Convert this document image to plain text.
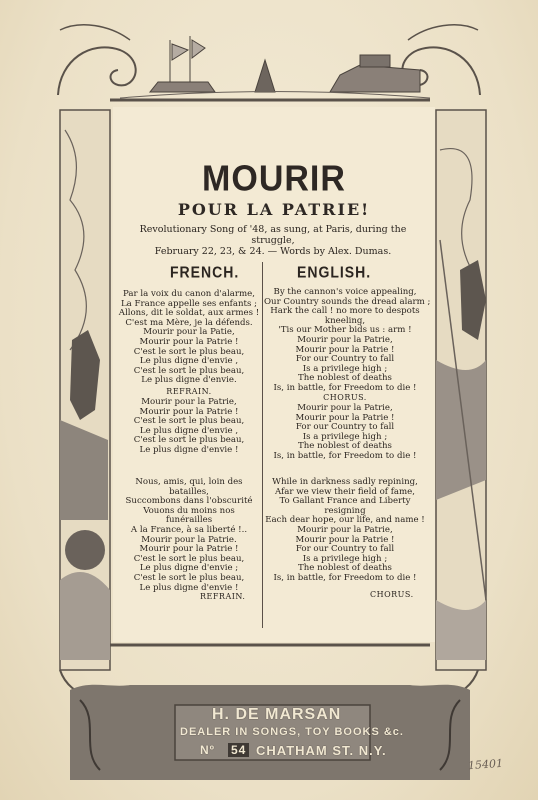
MOURIR
POUR LA PATRIE!
Revolutionary Song of '48, as sung, at Paris, during the struggle,
February 22, 23, & 24. — Words by Alex. Dumas.
FRENCH.	ENGLISH.
Par la voix du canon d'alarme,
La France appelle ses enfants ;
Allons, dit le soldat, aux armes !
C'est ma Mère, je la défends.
Mourir pour la Patie,
Mourir pour la Patrie !
C'est le sort le plus beau,
Le plus digne d'envie ,
C'est le sort le plus beau,
Le plus digne d'envie.
REFRAIN.
Mourir pour la Patrie,
Mourir pour la Patrie !
C'est le sort le plus beau,
Le plus digne d'envie ,
C'est le sort le plus beau,
Le plus digne d'envie !
Nous, amis, qui, loin des
batailles,
Succombons dans l'obscurité
Vouons du moins nos
funérailles
A la France, à sa liberté !..
Mourir pour la Patrie.
Mourir pour la Patrie !
C'est le sort le plus beau,
Le plus digne d'envie ;
C'est le sort le plus beau,
Le plus digne d'envie !
REFRAIN.
By the cannon's voice appealing,
Our Country sounds the dread alarm ;
Hark the call ! no more to despots
kneeling,
'Tis our Mother bids us : arm !
Mourir pour la Patrie,
Mourir pour la Patrie !
For our Country to fall
Is a privilege high ;
The noblest of deaths
Is, in battle, for Freedom to die !
CHORUS.
Mourir pour la Patrie,
Mourir pour la Patrie !
For our Country to fall
Is a privilege high ;
The noblest of deaths
Is, in battle, for Freedom to die !
While in darkness sadly repining,
Afar we view their field of fame,
To Gallant France and Liberty
resigning
Each dear hope, our life, and name !
Mourir pour la Patrie,
Mourir pour la Patrie !
For our Country to fall
Is a privilege high ;
The noblest of deaths
Is, in battle, for Freedom to die !
CHORUS.
H. DE MARSAN
DEALER IN SONGS, TOY BOOKS &c.
Nº 54 CHATHAM ST. N.Y.
15401
